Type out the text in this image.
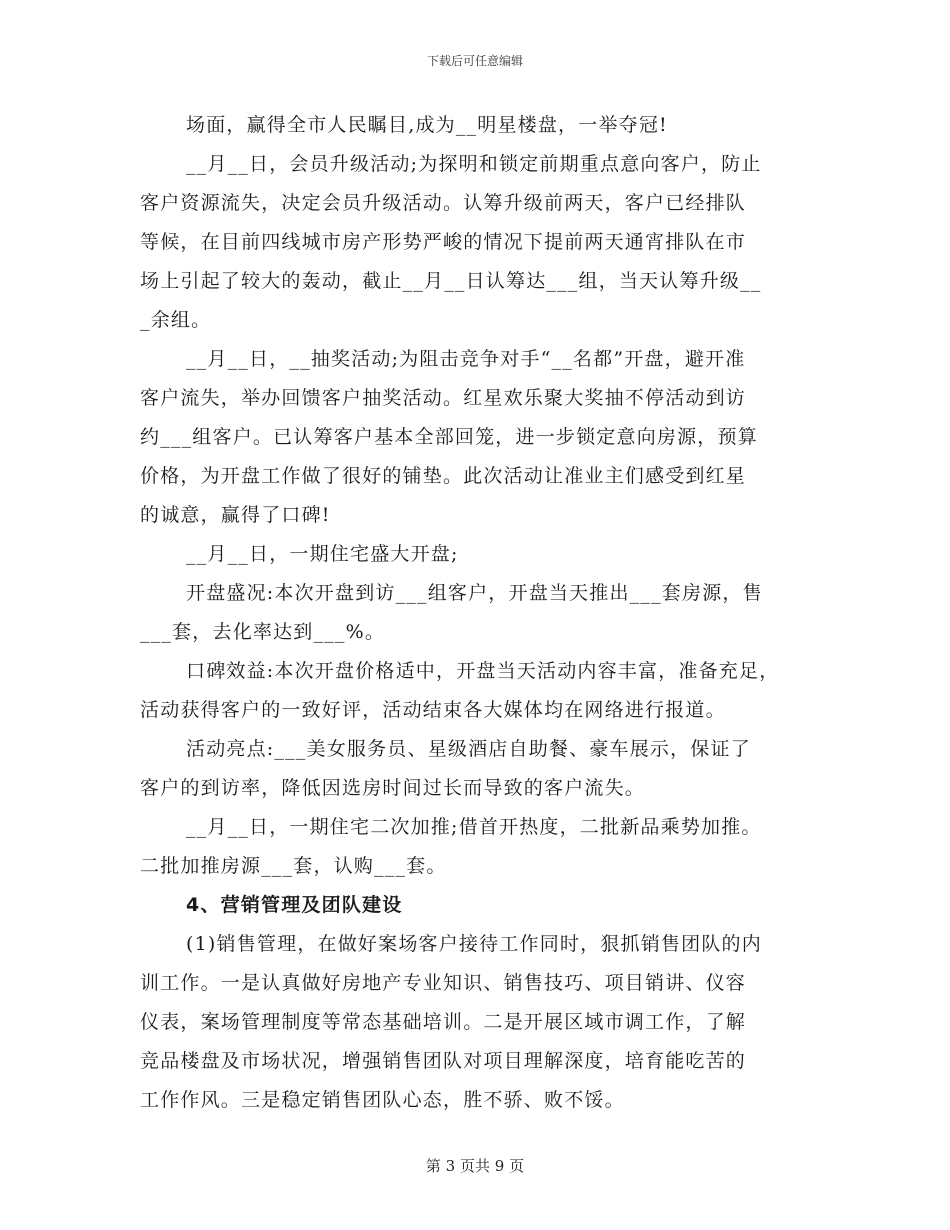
下载后可任意编辑
场面，赢得全市人民瞩目,成为__明星楼盘，一举夺冠!
__月__日，会员升级活动;为探明和锁定前期重点意向客户，防止
客户资源流失，决定会员升级活动。认筹升级前两天，客户已经排队
等候，在目前四线城市房产形势严峻的情况下提前两天通宵排队在市
场上引起了较大的轰动，截止__月__日认筹达___组，当天认筹升级__
_余组。
__月__日，__抽奖活动;为阻击竞争对手“__名都”开盘，避开准
客户流失，举办回馈客户抽奖活动。红星欢乐聚大奖抽不停活动到访
约___组客户。已认筹客户基本全部回笼，进一步锁定意向房源，预算
价格，为开盘工作做了很好的铺垫。此次活动让准业主们感受到红星
的诚意，赢得了口碑!
__月__日，一期住宅盛大开盘;
开盘盛况:本次开盘到访___组客户，开盘当天推出___套房源，售
___套，去化率达到___%。
口碑效益:本次开盘价格适中，开盘当天活动内容丰富，准备充足，
活动获得客户的一致好评，活动结束各大媒体均在网络进行报道。
活动亮点:___美女服务员、星级酒店自助餐、豪车展示，保证了
客户的到访率，降低因选房时间过长而导致的客户流失。
__月__日，一期住宅二次加推;借首开热度，二批新品乘势加推。
二批加推房源___套，认购___套。
4、营销管理及团队建设
(1)销售管理，在做好案场客户接待工作同时，狠抓销售团队的内
训工作。一是认真做好房地产专业知识、销售技巧、项目销讲、仪容
仪表，案场管理制度等常态基础培训。二是开展区域市调工作，了解
竞品楼盘及市场状况，增强销售团队对项目理解深度，培育能吃苦的
工作作风。三是稳定销售团队心态，胜不骄、败不馁。
第 3 页共 9 页
